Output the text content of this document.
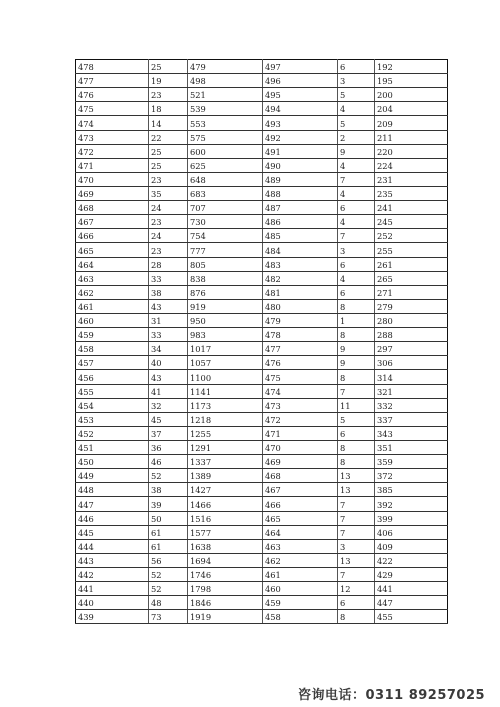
478	25	479	497	6	192
477	19	498	496	3	195
476	23	521	495	5	200
475	18	539	494	4	204
474	14	553	493	5	209
473	22	575	492	2	211
472	25	600	491	9	220
471	25	625	490	4	224
470	23	648	489	7	231
469	35	683	488	4	235
468	24	707	487	6	241
467	23	730	486	4	245
466	24	754	485	7	252
465	23	777	484	3	255
464	28	805	483	6	261
463	33	838	482	4	265
462	38	876	481	6	271
461	43	919	480	8	279
460	31	950	479	1	280
459	33	983	478	8	288
458	34	1017	477	9	297
457	40	1057	476	9	306
456	43	1100	475	8	314
455	41	1141	474	7	321
454	32	1173	473	11	332
453	45	1218	472	5	337
452	37	1255	471	6	343
451	36	1291	470	8	351
450	46	1337	469	8	359
449	52	1389	468	13	372
448	38	1427	467	13	385
447	39	1466	466	7	392
446	50	1516	465	7	399
445	61	1577	464	7	406
444	61	1638	463	3	409
443	56	1694	462	13	422
442	52	1746	461	7	429
441	52	1798	460	12	441
440	48	1846	459	6	447
439	73	1919	458	8	455
咨询电话：0311 89257025
